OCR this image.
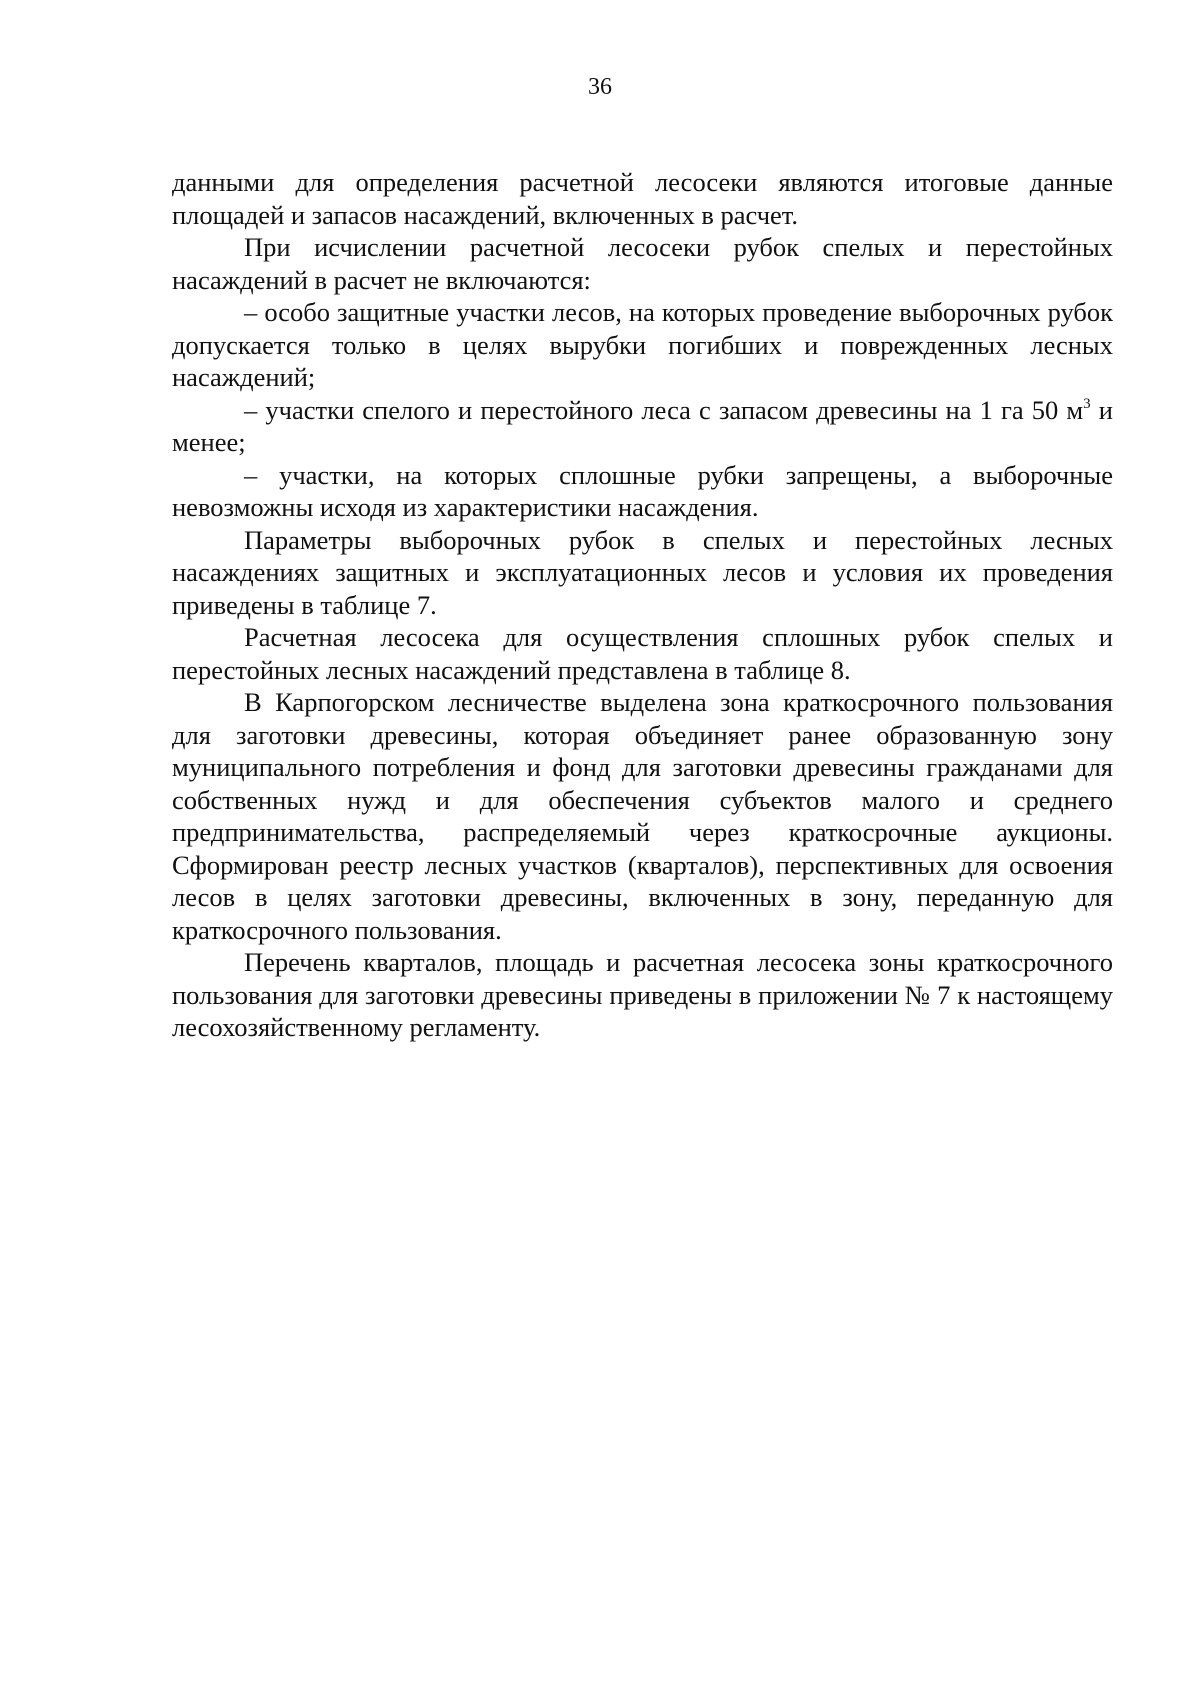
36

данными для определения расчетной лесосеки являются итоговые данные площадей и запасов насаждений, включенных в расчет.

При исчислении расчетной лесосеки рубок спелых и перестойных насаждений в расчет не включаются:

– особо защитные участки лесов, на которых проведение выборочных рубок допускается только в целях вырубки погибших и поврежденных лесных насаждений;

– участки спелого и перестойного леса с запасом древесины на 1 га 50 $м^3$ и менее;

– участки, на которых сплошные рубки запрещены, а выборочные невозможны исходя из характеристики насаждения.

Параметры выборочных рубок в спелых и перестойных лесных насаждениях защитных и эксплуатационных лесов и условия их проведения приведены в таблице 7.

Расчетная лесосека для осуществления сплошных рубок спелых и перестойных лесных насаждений представлена в таблице 8.

В Карпогорском лесничестве выделена зона краткосрочного пользования для заготовки древесины, которая объединяет ранее образованную зону муниципального потребления и фонд для заготовки древесины гражданами для собственных нужд и для обеспечения субъектов малого и среднего предпринимательства, распределяемый через краткосрочные аукционы. Сформирован реестр лесных участков (кварталов), перспективных для освоения лесов в целях заготовки древесины, включенных в зону, переданную для краткосрочного пользования.

Перечень кварталов, площадь и расчетная лесосека зоны краткосрочного пользования для заготовки древесины приведены в приложении № 7 к настоящему лесохозяйственному регламенту.
